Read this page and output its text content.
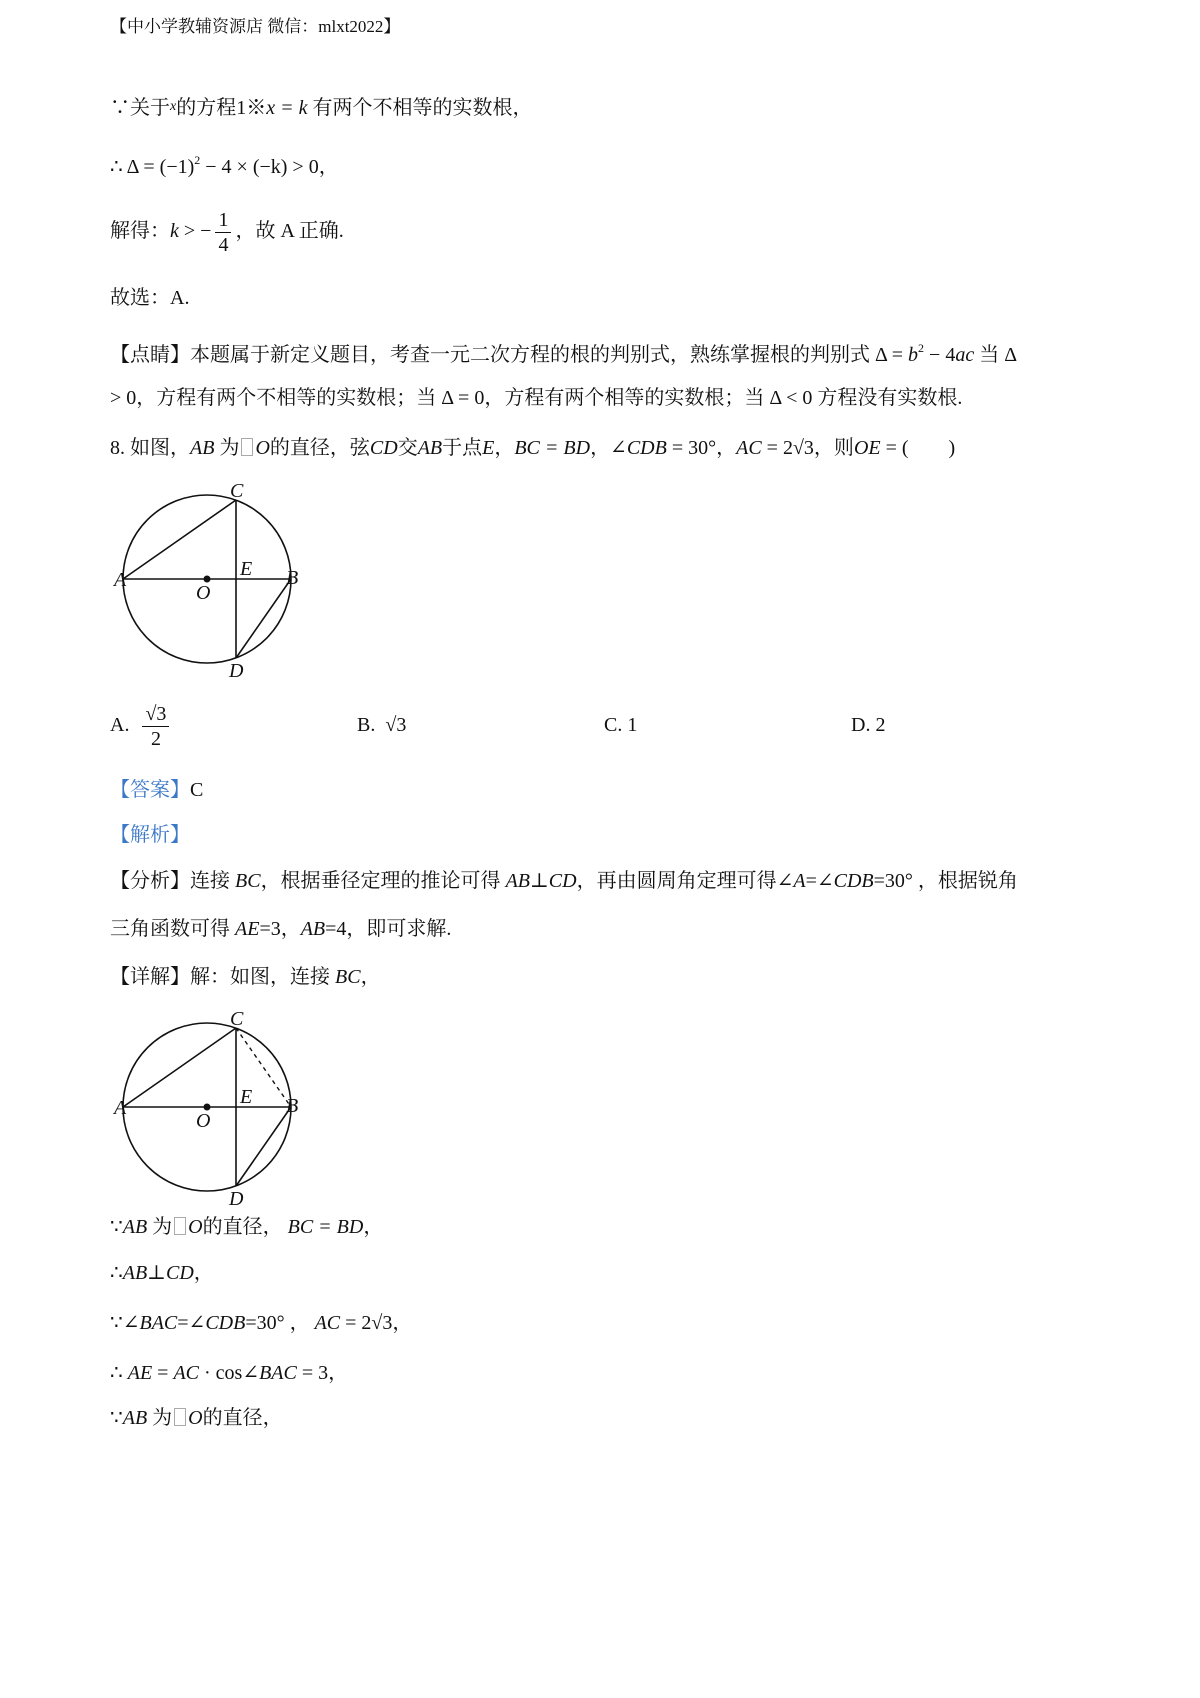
【中小学教辅资源店 微信：mlxt2022】
∵关于$^x$的方程1※x = k 有两个不相等的实数根，
∴ $\Delta = (-1)^2 - 4 \times (-k) > 0$，
解得：k > − $\frac{1}{4}$ ，故 A 正确.
故选：A.
【点睛】本题属于新定义题目，考查一元二次方程的根的判别式，熟练掌握根的判别式 $\Delta = b^2 - 4ac$ 当 Δ
> 0，方程有两个不相等的实数根；当 Δ = 0，方程有两个相等的实数根；当 Δ < 0 方程没有实数根.
8. 如图，AB 为 O的直径，弦CD交AB于点E，BC = BD，∠CDB = 30°，AC = 2√3，则OE = (　　)
C
A	E B
O
D
A. $\frac{√3}{2}$	B. √3	C. 1	D. 2
【答案】C
【解析】
【分析】连接 BC，根据垂径定理的推论可得 AB⊥CD，再由圆周角定理可得∠A=∠CDB=30° ，根据锐角
三角函数可得 AE=3，AB=4，即可求解.
【详解】解：如图，连接 BC，
C
A	E B
O
D
∵AB 为 O的直径， BC = BD，
∴AB⊥CD，
∵∠BAC=∠CDB=30° ， AC = 2√3，
∴ AE = AC · cos∠BAC = 3，
∵AB 为 O的直径，
